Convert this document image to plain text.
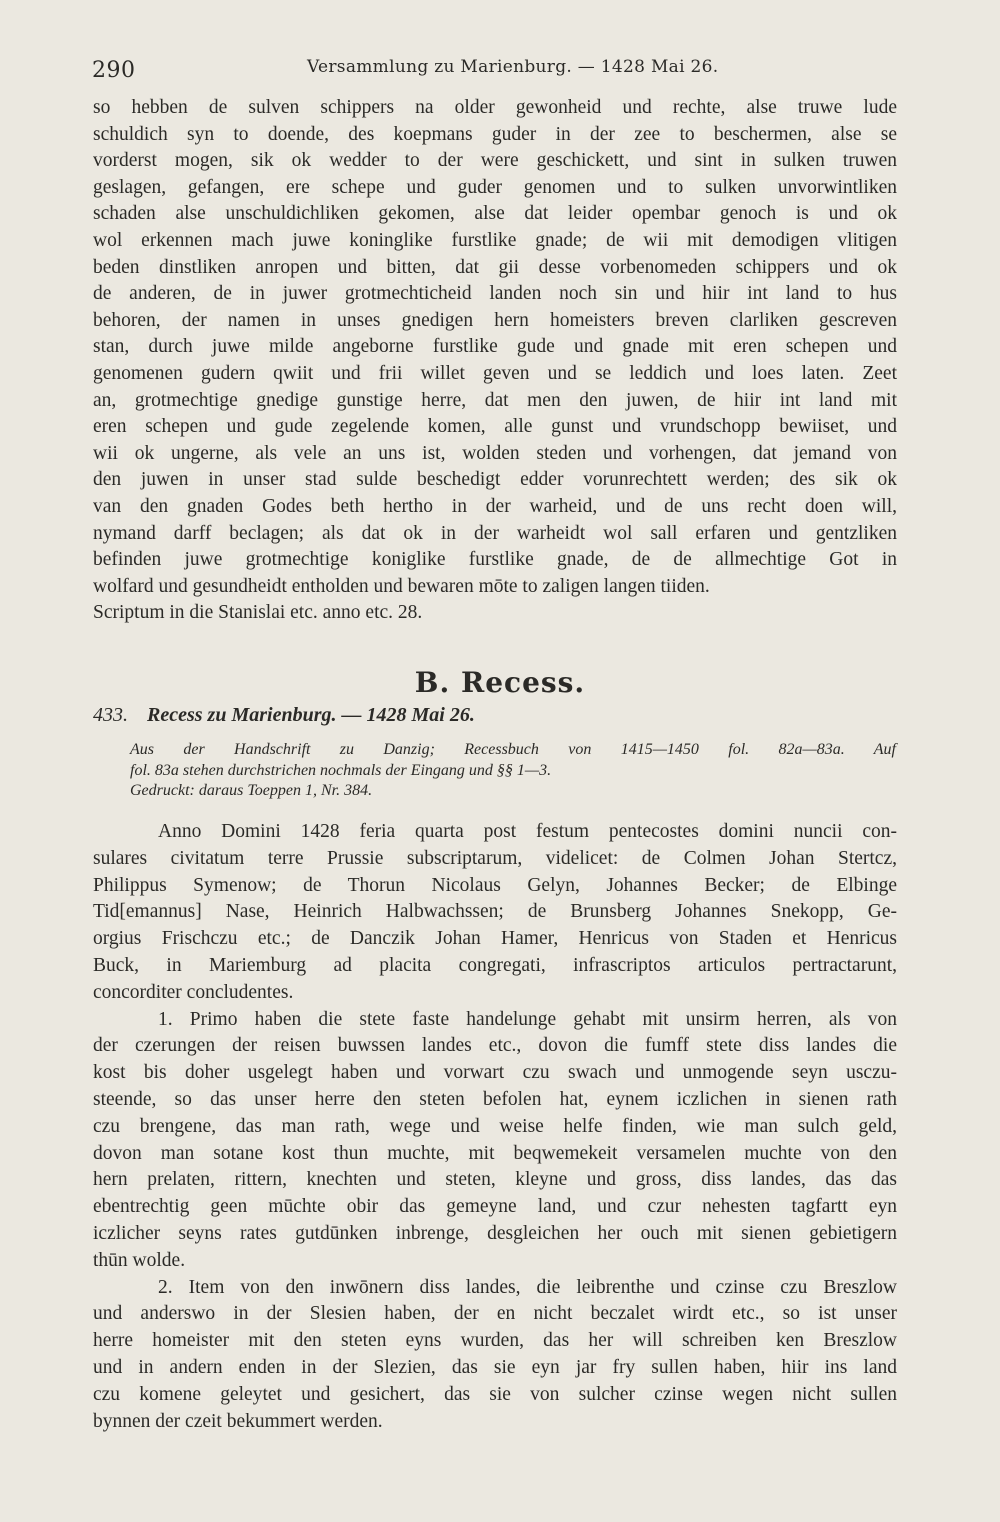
290	Versammlung zu Marienburg. — 1428 Mai 26.
so hebben de sulven schippers na older gewonheid und rechte, alse truwe lude
schuldich syn to doende, des koepmans guder in der zee to beschermen, alse se
vorderst mogen, sik ok wedder to der were geschickett, und sint in sulken truwen
geslagen, gefangen, ere schepe und guder genomen und to sulken unvorwintliken
schaden alse unschuldichliken gekomen, alse dat leider opembar genoch is und ok
wol erkennen mach juwe koninglike furstlike gnade; de wii mit demodigen vlitigen
beden dinstliken anropen und bitten, dat gii desse vorbenomeden schippers und ok
de anderen, de in juwer grotmechticheid landen noch sin und hiir int land to hus
behoren, der namen in unses gnedigen hern homeisters breven clarliken gescreven
stan, durch juwe milde angeborne furstlike gude und gnade mit eren schepen und
genomenen gudern qwiit und frii willet geven und se leddich und loes laten. Zeet
an, grotmechtige gnedige gunstige herre, dat men den juwen, de hiir int land mit
eren schepen und gude zegelende komen, alle gunst und vrundschopp bewiiset, und
wii ok ungerne, als vele an uns ist, wolden steden und vorhengen, dat jemand von
den juwen in unser stad sulde beschedigt edder vorunrechtett werden; des sik ok
van den gnaden Godes beth hertho in der warheid, und de uns recht doen will,
nymand darff beclagen; als dat ok in der warheidt wol sall erfaren und gentzliken
befinden juwe grotmechtige koniglike furstlike gnade, de de allmechtige Got in
wolfard und gesundheidt entholden und bewaren mōte to zaligen langen tiiden.
Scriptum in die Stanislai etc. anno etc. 28.
B. Recess.
433. Recess zu Marienburg. — 1428 Mai 26.
Aus der Handschrift zu Danzig; Recessbuch von 1415—1450 fol. 82a—83a. Auf
fol. 83a stehen durchstrichen nochmals der Eingang und §§ 1—3.
Gedruckt: daraus Toeppen 1, Nr. 384.
Anno Domini 1428 feria quarta post festum pentecostes domini nuncii con-
sulares civitatum terre Prussie subscriptarum, videlicet: de Colmen Johan Stertcz,
Philippus Symenow; de Thorun Nicolaus Gelyn, Johannes Becker; de Elbinge
Tid[emannus] Nase, Heinrich Halbwachssen; de Brunsberg Johannes Snekopp, Ge-
orgius Frischczu etc.; de Danczik Johan Hamer, Henricus von Staden et Henricus
Buck, in Mariemburg ad placita congregati, infrascriptos articulos pertractarunt,
concorditer concludentes.
1. Primo haben die stete faste handelunge gehabt mit unsirm herren, als von
der czerungen der reisen buwssen landes etc., dovon die fumff stete diss landes die
kost bis doher usgelegt haben und vorwart czu swach und unmogende seyn usczu-
steende, so das unser herre den steten befolen hat, eynem iczlichen in sienen rath
czu brengene, das man rath, wege und weise helfe finden, wie man sulch geld,
dovon man sotane kost thun muchte, mit beqwemekeit versamelen muchte von den
hern prelaten, rittern, knechten und steten, kleyne und gross, diss landes, das das
ebentrechtig geen mūchte obir das gemeyne land, und czur nehesten tagfartt eyn
iczlicher seyns rates gutdūnken inbrenge, desgleichen her ouch mit sienen gebietigern
thūn wolde.
2. Item von den inwōnern diss landes, die leibrenthe und czinse czu Breszlow
und anderswo in der Slesien haben, der en nicht beczalet wirdt etc., so ist unser
herre homeister mit den steten eyns wurden, das her will schreiben ken Breszlow
und in andern enden in der Slezien, das sie eyn jar fry sullen haben, hiir ins land
czu komene geleytet und gesichert, das sie von sulcher czinse wegen nicht sullen
bynnen der czeit bekummert werden.
